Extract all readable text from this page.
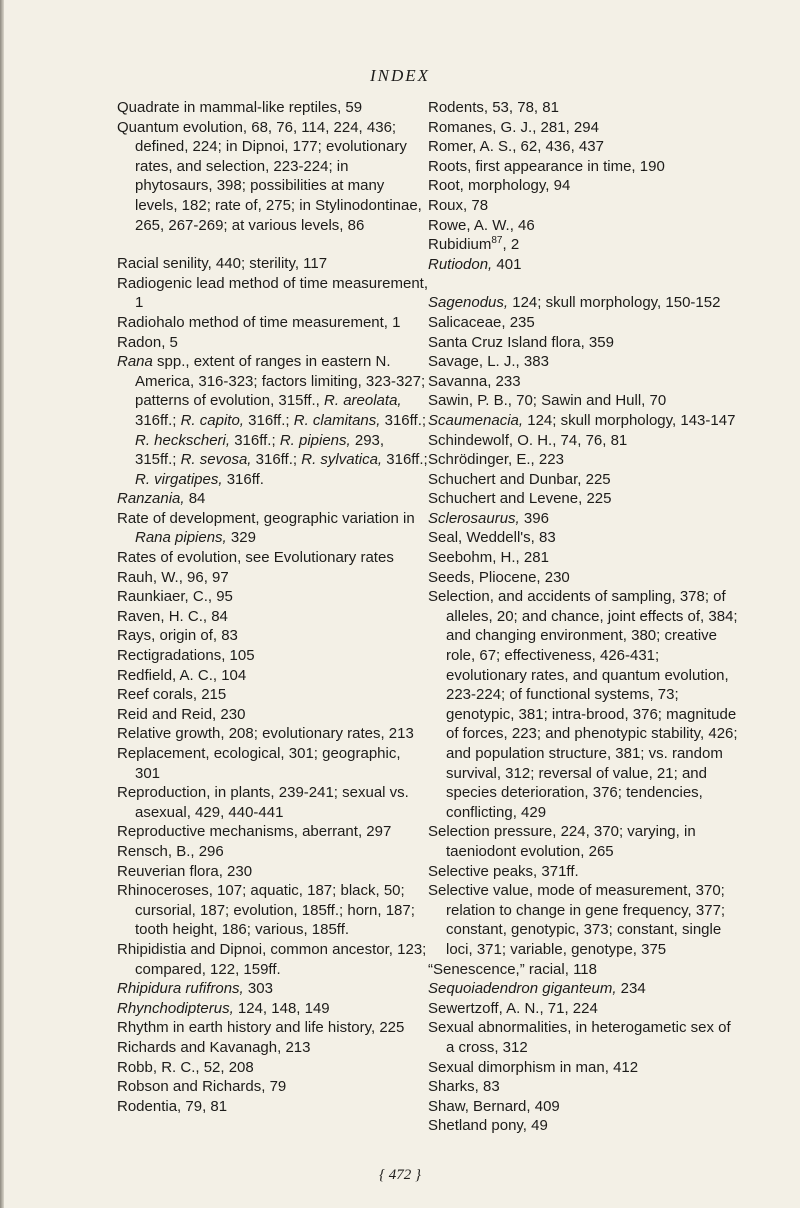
INDEX
Quadrate in mammal-like reptiles, 59
Quantum evolution, 68, 76, 114, 224, 436; defined, 224; in Dipnoi, 177; evolutionary rates, and selection, 223-224; in phytosaurs, 398; possibilities at many levels, 182; rate of, 275; in Stylinodontinae, 265, 267-269; at various levels, 86
Racial senility, 440; sterility, 117
Radiogenic lead method of time measurement, 1
Radiohalo method of time measurement, 1
Radon, 5
Rana spp., extent of ranges in eastern N. America, 316-323; factors limiting, 323-327; patterns of evolution, 315ff., R. areolata, 316ff.; R. capito, 316ff.; R. clamitans, 316ff.; R. heckscheri, 316ff.; R. pipiens, 293, 315ff.; R. sevosa, 316ff.; R. sylvatica, 316ff.; R. virgatipes, 316ff.
Ranzania, 84
Rate of development, geographic variation in Rana pipiens, 329
Rates of evolution, see Evolutionary rates
Rauh, W., 96, 97
Raunkiaer, C., 95
Raven, H. C., 84
Rays, origin of, 83
Rectigradations, 105
Redfield, A. C., 104
Reef corals, 215
Reid and Reid, 230
Relative growth, 208; evolutionary rates, 213
Replacement, ecological, 301; geographic, 301
Reproduction, in plants, 239-241; sexual vs. asexual, 429, 440-441
Reproductive mechanisms, aberrant, 297
Rensch, B., 296
Reuverian flora, 230
Rhinoceroses, 107; aquatic, 187; black, 50; cursorial, 187; evolution, 185ff.; horn, 187; tooth height, 186; various, 185ff.
Rhipidistia and Dipnoi, common ancestor, 123; compared, 122, 159ff.
Rhipidura rufifrons, 303
Rhynchodipterus, 124, 148, 149
Rhythm in earth history and life history, 225
Richards and Kavanagh, 213
Robb, R. C., 52, 208
Robson and Richards, 79
Rodentia, 79, 81
Rodents, 53, 78, 81
Romanes, G. J., 281, 294
Romer, A. S., 62, 436, 437
Roots, first appearance in time, 190
Root, morphology, 94
Roux, 78
Rowe, A. W., 46
Rubidium$^{87}$, 2
Rutiodon, 401
Sagenodus, 124; skull morphology, 150-152
Salicaceae, 235
Santa Cruz Island flora, 359
Savage, L. J., 383
Savanna, 233
Sawin, P. B., 70; Sawin and Hull, 70
Scaumenacia, 124; skull morphology, 143-147
Schindewolf, O. H., 74, 76, 81
Schrödinger, E., 223
Schuchert and Dunbar, 225
Schuchert and Levene, 225
Sclerosaurus, 396
Seal, Weddell's, 83
Seebohm, H., 281
Seeds, Pliocene, 230
Selection, and accidents of sampling, 378; of alleles, 20; and chance, joint effects of, 384; and changing environment, 380; creative role, 67; effectiveness, 426-431; evolutionary rates, and quantum evolution, 223-224; of functional systems, 73; genotypic, 381; intra-brood, 376; magnitude of forces, 223; and phenotypic stability, 426; and population structure, 381; vs. random survival, 312; reversal of value, 21; and species deterioration, 376; tendencies, conflicting, 429
Selection pressure, 224, 370; varying, in taeniodont evolution, 265
Selective peaks, 371ff.
Selective value, mode of measurement, 370; relation to change in gene frequency, 377; constant, genotypic, 373; constant, single loci, 371; variable, genotype, 375
“Senescence,” racial, 118
Sequoiadendron giganteum, 234
Sewertzoff, A. N., 71, 224
Sexual abnormalities, in heterogametic sex of a cross, 312
Sexual dimorphism in man, 412
Sharks, 83
Shaw, Bernard, 409
Shetland pony, 49
{ 472 }
